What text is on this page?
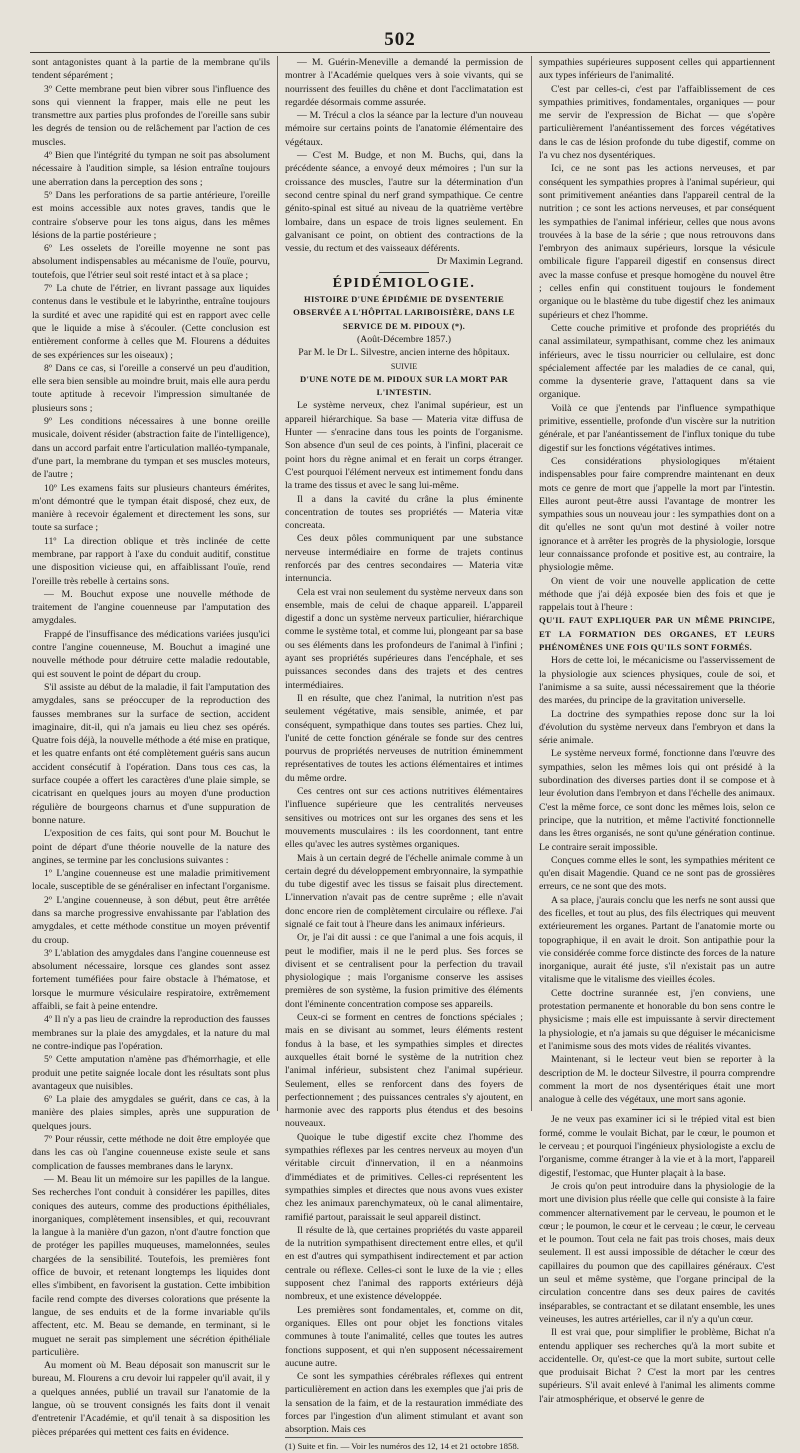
502

sont antagonistes quant à la partie de la membrane qu'ils tendent séparément ;

3º Cette membrane peut bien vibrer sous l'influence des sons qui viennent la frapper, mais elle ne peut les transmettre aux parties plus profondes de l'oreille sans subir les degrés de tension ou de relâchement par l'action de ces muscles.

4º Bien que l'intégrité du tympan ne soit pas absolument nécessaire à l'audition simple, sa lésion entraîne toujours une aberration dans la perception des sons ;

5º Dans les perforations de sa partie antérieure, l'oreille est moins accessible aux notes graves, tandis que le contraire s'observe pour les tons aigus, dans les mêmes lésions de la partie postérieure ;

6º Les osselets de l'oreille moyenne ne sont pas absolument indispensables au mécanisme de l'ouïe, pourvu, toutefois, que l'étrier seul soit resté intact et à sa place ;

7º La chute de l'étrier, en livrant passage aux liquides contenus dans le vestibule et le labyrinthe, entraîne toujours la surdité et avec une rapidité qui est en rapport avec celle que le liquide a mise à s'écouler. (Cette conclusion est entièrement conforme à celles que M. Flourens a déduites de ses expériences sur les oiseaux) ;

8º Dans ce cas, si l'oreille a conservé un peu d'audition, elle sera bien sensible au moindre bruit, mais elle aura perdu toute aptitude à recevoir l'impression simultanée de plusieurs sons ;

9º Les conditions nécessaires à une bonne oreille musicale, doivent résider (abstraction faite de l'intelligence), dans un accord parfait entre l'articulation malléo-tympanale, d'une part, la membrane du tympan et ses muscles moteurs, de l'autre ;

10º Les examens faits sur plusieurs chanteurs émérites, m'ont démontré que le tympan était disposé, chez eux, de manière à recevoir également et directement les sons, sur toute sa surface ;

11º La direction oblique et très inclinée de cette membrane, par rapport à l'axe du conduit auditif, constitue une disposition vicieuse qui, en affaiblissant l'ouïe, rend l'oreille très rebelle à certains sons.

— M. Bouchut expose une nouvelle méthode de traitement de l'angine couenneuse par l'amputation des amygdales.

Frappé de l'insuffisance des médications variées jusqu'ici contre l'angine couenneuse, M. Bouchut a imaginé une nouvelle méthode pour détruire cette maladie redoutable, qui est souvent le point de départ du croup.

S'il assiste au début de la maladie, il fait l'amputation des amygdales, sans se préoccuper de la reproduction des fausses membranes sur la surface de section, accident imaginaire, dit-il, qui n'a jamais eu lieu chez ses opérés. Quatre fois déjà, la nouvelle méthode a été mise en pratique, et les quatre enfants ont été complètement guéris sans aucun accident consécutif à l'opération. Dans tous ces cas, la surface coupée a offert les caractères d'une plaie simple, se cicatrisant en quelques jours au moyen d'une production régulière de bourgeons charnus et d'une suppuration de bonne nature.

L'exposition de ces faits, qui sont pour M. Bouchut le point de départ d'une théorie nouvelle de la nature des angines, se termine par les conclusions suivantes :

1º L'angine couenneuse est une maladie primitivement locale, susceptible de se généraliser en infectant l'organisme.

2º L'angine couenneuse, à son début, peut être arrêtée dans sa marche progressive envahissante par l'ablation des amygdales, et cette méthode constitue un moyen préventif du croup.

3º L'ablation des amygdales dans l'angine couenneuse est absolument nécessaire, lorsque ces glandes sont assez fortement tuméfiées pour faire obstacle à l'hématose, et lorsque le murmure vésiculaire respiratoire, extrêmement affaibli, se fait à peine entendre.

4º Il n'y a pas lieu de craindre la reproduction des fausses membranes sur la plaie des amygdales, et la nature du mal ne contre-indique pas l'opération.

5º Cette amputation n'amène pas d'hémorrhagie, et elle produit une petite saignée locale dont les résultats sont plus avantageux que nuisibles.

6º La plaie des amygdales se guérit, dans ce cas, à la manière des plaies simples, après une suppuration de quelques jours.

7º Pour réussir, cette méthode ne doit être employée que dans les cas où l'angine couenneuse existe seule et sans complication de fausses membranes dans le larynx.

— M. Beau lit un mémoire sur les papilles de la langue. Ses recherches l'ont conduit à considérer les papilles, dites coniques des auteurs, comme des productions épithéliales, inorganiques, complètement insensibles, et qui, recouvrant la langue à la manière d'un gazon, n'ont d'autre fonction que de protéger les papilles muqueuses, mamelonnées, seules chargées de la sensibilité. Toutefois, les premières font office de buvoir, et retenant longtemps les liquides dont elles s'imbibent, en favorisent la gustation. Cette imbibition facile rend compte des diverses colorations que présente la langue, de ses enduits et de la forme invariable qu'ils affectent, etc. M. Beau se demande, en terminant, si le muguet ne serait pas simplement une sécrétion épithéliale particulière.

Au moment où M. Beau déposait son manuscrit sur le bureau, M. Flourens a cru devoir lui rappeler qu'il avait, il y a quelques années, publié un travail sur l'anatomie de la langue, où se trouvent consignés les faits dont il venait d'entretenir l'Académie, et qu'il tenait à sa disposition les pièces préparées qui mettent ces faits en évidence.

— M. Guérin-Meneville a demandé la permission de montrer à l'Académie quelques vers à soie vivants, qui se nourrissent des feuilles du chêne et dont l'acclimatation est regardée désormais comme assurée.

— M. Trécul a clos la séance par la lecture d'un nouveau mémoire sur certains points de l'anatomie élémentaire des végétaux.

— C'est M. Budge, et non M. Buchs, qui, dans la précédente séance, a envoyé deux mémoires ; l'un sur la croissance des muscles, l'autre sur la détermination d'un second centre spinal du nerf grand sympathique. Ce centre génito-spinal est situé au niveau de la quatrième vertèbre lombaire, dans un espace de trois lignes seulement. En galvanisant ce point, on obtient des contractions de la vessie, du rectum et des vaisseaux déférents.

Dr Maximin Legrand.

ÉPIDÉMIOLOGIE.

HISTOIRE D'UNE ÉPIDÉMIE DE DYSENTERIE OBSERVÉE A L'HÔPITAL LARIBOISIÈRE, DANS LE SERVICE DE M. PIDOUX (*).

(Août-Décembre 1857.)

Par M. le Dr L. Silvestre, ancien interne des hôpitaux.

SUIVIE

D'UNE NOTE DE M. PIDOUX SUR LA MORT PAR L'INTESTIN.

Le système nerveux, chez l'animal supérieur, est un appareil hiérarchique. Sa base — Materia vitæ diffusa de Hunter — s'enracine dans tous les points de l'organisme. Son absence d'un seul de ces points, à l'infini, placerait ce point hors du règne animal et en ferait un corps étranger. C'est pourquoi l'élément nerveux est intimement fondu dans la trame des tissus et avec le sang lui-même.

Il a dans la cavité du crâne la plus éminente concentration de toutes ses propriétés — Materia vitæ concreata.

Ces deux pôles communiquent par une substance nerveuse intermédiaire en forme de trajets continus renforcés par des centres secondaires — Materia vitæ internuncia.

Cela est vrai non seulement du système nerveux dans son ensemble, mais de celui de chaque appareil. L'appareil digestif a donc un système nerveux particulier, hiérarchique comme le système total, et comme lui, plongeant par sa base ou ses éléments dans les profondeurs de l'animal à l'infini ; ayant ses propriétés supérieures dans l'encéphale, et ses puissances secondes dans des trajets et des centres intermédiaires.

Il en résulte, que chez l'animal, la nutrition n'est pas seulement végétative, mais sensible, animée, et par conséquent, sympathique dans toutes ses parties. Chez lui, l'unité de cette fonction générale se fonde sur des centres pourvus de propriétés nerveuses de nutrition éminemment représentatives de toutes les actions élémentaires et intimes du même ordre.

Ces centres ont sur ces actions nutritives élémentaires l'influence supérieure que les centralités nerveuses sensitives ou motrices ont sur les organes des sens et les mouvements musculaires : ils les coordonnent, tant entre elles qu'avec les autres systèmes organiques.

Mais à un certain degré de l'échelle animale comme à un certain degré du développement embryonnaire, la sympathie du tube digestif avec les tissus se faisait plus directement. L'innervation n'avait pas de centre suprême ; elle n'avait donc encore rien de complètement circulaire ou réflexe. J'ai signalé ce fait tout à l'heure dans les animaux inférieurs.

Or, je l'ai dit aussi : ce que l'animal a une fois acquis, il peut le modifier, mais il ne le perd plus. Ses forces se divisent et se centralisent pour la perfection du travail physiologique ; mais l'organisme conserve les assises premières de son système, la fusion primitive des éléments dont l'éminente concentration compose ses appareils.

Ceux-ci se forment en centres de fonctions spéciales ; mais en se divisant au sommet, leurs éléments restent fondus à la base, et les sympathies simples et directes auxquelles était borné le système de la nutrition chez l'animal inférieur, subsistent chez l'animal supérieur. Seulement, elles se renforcent dans des foyers de perfectionnement ; des puissances centrales s'y ajoutent, en harmonie avec des rapports plus étendus et des besoins nouveaux.

Quoique le tube digestif excite chez l'homme des sympathies réflexes par les centres nerveux au moyen d'un véritable circuit d'innervation, il en a néanmoins d'immédiates et de primitives. Celles-ci représentent les sympathies simples et directes que nous avons vues exister chez les animaux parenchymateux, où le canal alimentaire, ramifié partout, paraissait le seul appareil distinct.

Il résulte de là, que certaines propriétés du vaste appareil de la nutrition sympathisent directement entre elles, et qu'il en est d'autres qui sympathisent indirectement et par action centrale ou réflexe. Celles-ci sont le luxe de la vie ; elles supposent chez l'animal des rapports extérieurs déjà nombreux, et une existence développée.

Les premières sont fondamentales, et, comme on dit, organiques. Elles ont pour objet les fonctions vitales communes à toute l'animalité, celles que toutes les autres fonctions supposent, et qui n'en supposent nécessairement aucune autre.

Ce sont les sympathies cérébrales réflexes qui entrent particulièrement en action dans les exemples que j'ai pris de la sensation de la faim, et de la restauration immédiate des forces par l'ingestion d'un aliment stimulant et avant son absorption. Mais ces

(1) Suite et fin. — Voir les numéros des 12, 14 et 21 octobre 1858.

sympathies supérieures supposent celles qui appartiennent aux types inférieurs de l'animalité.

C'est par celles-ci, c'est par l'affaiblissement de ces sympathies primitives, fondamentales, organiques — pour me servir de l'expression de Bichat — que s'opère particulièrement l'anéantissement des forces végétatives dans le cas de lésion profonde du tube digestif, comme on l'a vu chez nos dysentériques.

Ici, ce ne sont pas les actions nerveuses, et par conséquent les sympathies propres à l'animal supérieur, qui sont primitivement anéanties dans l'appareil central de la nutrition ; ce sont les actions nerveuses, et par conséquent les sympathies de l'animal inférieur, celles que nous avons trouvées à la base de la série ; que nous retrouvons dans l'embryon des animaux supérieurs, lorsque la vésicule ombilicale figure l'appareil digestif en consensus direct avec la masse confuse et presque homogène du nouvel être ; celles enfin qui constituent toujours le fondement organique ou le blastème du tube digestif chez les animaux supérieurs et chez l'homme.

Cette couche primitive et profonde des propriétés du canal assimilateur, sympathisant, comme chez les animaux inférieurs, avec le tissu nourricier ou cellulaire, est donc spécialement affectée par les maladies de ce canal, qui, comme la dysenterie grave, l'attaquent dans sa vie organique.

Voilà ce que j'entends par l'influence sympathique primitive, essentielle, profonde d'un viscère sur la nutrition générale, et par l'anéantissement de l'influx tonique du tube digestif sur les fonctions végétatives intimes.

Ces considérations physiologiques m'étaient indispensables pour faire comprendre maintenant en deux mots ce genre de mort que j'appelle la mort par l'intestin. Elles auront peut-être aussi l'avantage de montrer les sympathies sous un nouveau jour : les sympathies dont on a dit qu'elles ne sont qu'un mot destiné à voiler notre ignorance et à arrêter les progrès de la physiologie, lorsque leur connaissance profonde et positive est, au contraire, la physiologie même.

On vient de voir une nouvelle application de cette méthode que j'ai déjà exposée bien des fois et que je rappelais tout à l'heure :

QU'IL FAUT EXPLIQUER PAR UN MÊME PRINCIPE, ET LA FORMATION DES ORGANES, ET LEURS PHÉNOMÈNES UNE FOIS QU'ILS SONT FORMÉS.

Hors de cette loi, le mécanicisme ou l'asservissement de la physiologie aux sciences physiques, coule de soi, et l'animisme a sa suite, aussi nécessairement que la théorie des marées, du principe de la gravitation universelle.

La doctrine des sympathies repose donc sur la loi d'évolution du système nerveux dans l'embryon et dans la série animale.

Le système nerveux formé, fonctionne dans l'œuvre des sympathies, selon les mêmes lois qui ont présidé à la subordination des diverses parties dont il se compose et à leur évolution dans l'embryon et dans l'échelle des animaux. C'est la même force, ce sont donc les mêmes lois, selon ce principe, que la nutrition, et même l'activité fonctionnelle dans les êtres organisés, ne sont qu'une génération continue. Le contraire serait impossible.

Conçues comme elles le sont, les sympathies méritent ce qu'en disait Magendie. Quand ce ne sont pas de grossières erreurs, ce ne sont que des mots.

A sa place, j'aurais conclu que les nerfs ne sont aussi que des ficelles, et tout au plus, des fils électriques qui meuvent extérieurement les organes. Partant de l'anatomie morte ou topographique, il en avait le droit. Son antipathie pour la vie considérée comme force distincte des forces de la nature inorganique, aurait été juste, s'il n'existait pas un autre vitalisme que le vitalisme des vieilles écoles.

Cette doctrine surannée est, j'en conviens, une protestation permanente et honorable du bon sens contre le physicisme ; mais elle est impuissante à servir directement la physiologie, et n'a jamais su que déguiser le mécanicisme et l'animisme sous des mots vides de réalités vivantes.

Maintenant, si le lecteur veut bien se reporter à la description de M. le docteur Silvestre, il pourra comprendre comment la mort de nos dysentériques était une mort analogue à celle des végétaux, une mort sans agonie.

Je ne veux pas examiner ici si le trépied vital est bien formé, comme le voulait Bichat, par le cœur, le poumon et le cerveau ; et pourquoi l'ingénieux physiologiste a exclu de l'organisme, comme étranger à la vie et à la mort, l'appareil digestif, l'estomac, que Hunter plaçait à la base.

Je crois qu'on peut introduire dans la physiologie de la mort une division plus réelle que celle qui consiste à la faire commencer alternativement par le cerveau, le poumon et le cœur ; le poumon, le cœur et le cerveau ; le cœur, le cerveau et le poumon. Tout cela ne fait pas trois choses, mais deux seulement. Il est aussi impossible de détacher le cœur des capillaires du poumon que des capillaires généraux. C'est un seul et même système, que l'organe principal de la circulation concentre dans ses deux paires de cavités inséparables, se contractant et se dilatant ensemble, les unes veineuses, les autres artérielles, car il n'y a qu'un cœur.

Il est vrai que, pour simplifier le problème, Bichat n'a entendu appliquer ses recherches qu'à la mort subite et accidentelle. Or, qu'est-ce que la mort subite, surtout celle que produisait Bichat ? C'est la mort par les centres supérieurs. S'il avait enlevé à l'animal les aliments comme l'air atmosphérique, et observé le genre de
